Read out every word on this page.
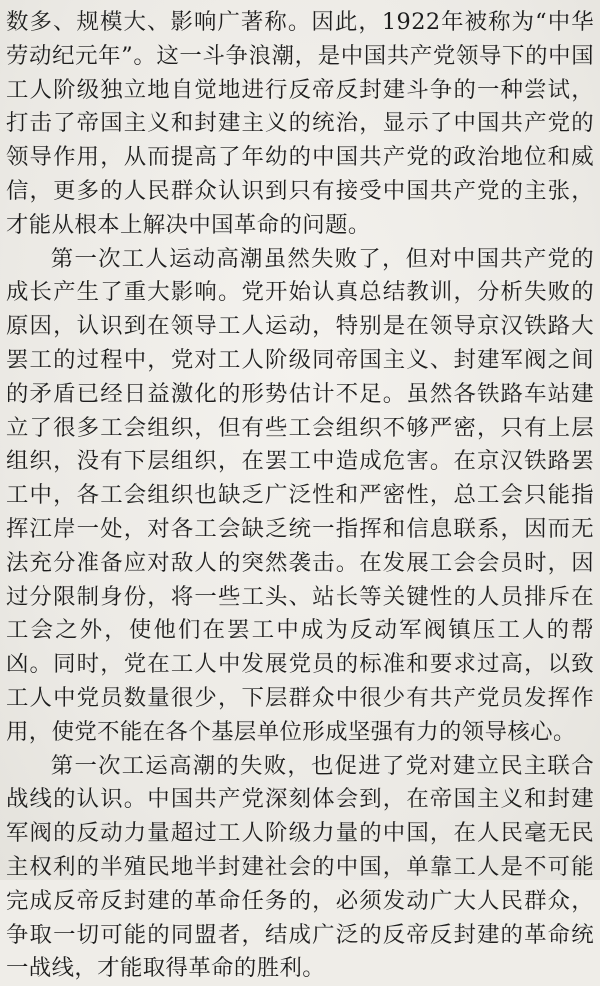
数多、规模大、影响广著称。因此，1922年被称为“中华劳动纪元年”。这一斗争浪潮，是中国共产党领导下的中国工人阶级独立地自觉地进行反帝反封建斗争的一种尝试，打击了帝国主义和封建主义的统治，显示了中国共产党的领导作用，从而提高了年幼的中国共产党的政治地位和威信，更多的人民群众认识到只有接受中国共产党的主张，才能从根本上解决中国革命的问题。

第一次工人运动高潮虽然失败了，但对中国共产党的成长产生了重大影响。党开始认真总结教训，分析失败的原因，认识到在领导工人运动，特别是在领导京汉铁路大罢工的过程中，党对工人阶级同帝国主义、封建军阀之间的矛盾已经日益激化的形势估计不足。虽然各铁路车站建立了很多工会组织，但有些工会组织不够严密，只有上层组织，没有下层组织，在罢工中造成危害。在京汉铁路罢工中，各工会组织也缺乏广泛性和严密性，总工会只能指挥江岸一处，对各工会缺乏统一指挥和信息联系，因而无法充分准备应对敌人的突然袭击。在发展工会会员时，因过分限制身份，将一些工头、站长等关键性的人员排斥在工会之外，使他们在罢工中成为反动军阀镇压工人的帮凶。同时，党在工人中发展党员的标准和要求过高，以致工人中党员数量很少，下层群众中很少有共产党员发挥作用，使党不能在各个基层单位形成坚强有力的领导核心。

第一次工运高潮的失败，也促进了党对建立民主联合战线的认识。中国共产党深刻体会到，在帝国主义和封建军阀的反动力量超过工人阶级力量的中国，在人民毫无民主权利的半殖民地半封建社会的中国，单靠工人是不可能完成反帝反封建的革命任务的，必须发动广大人民群众，争取一切可能的同盟者，结成广泛的反帝反封建的革命统一战线，才能取得革命的胜利。
